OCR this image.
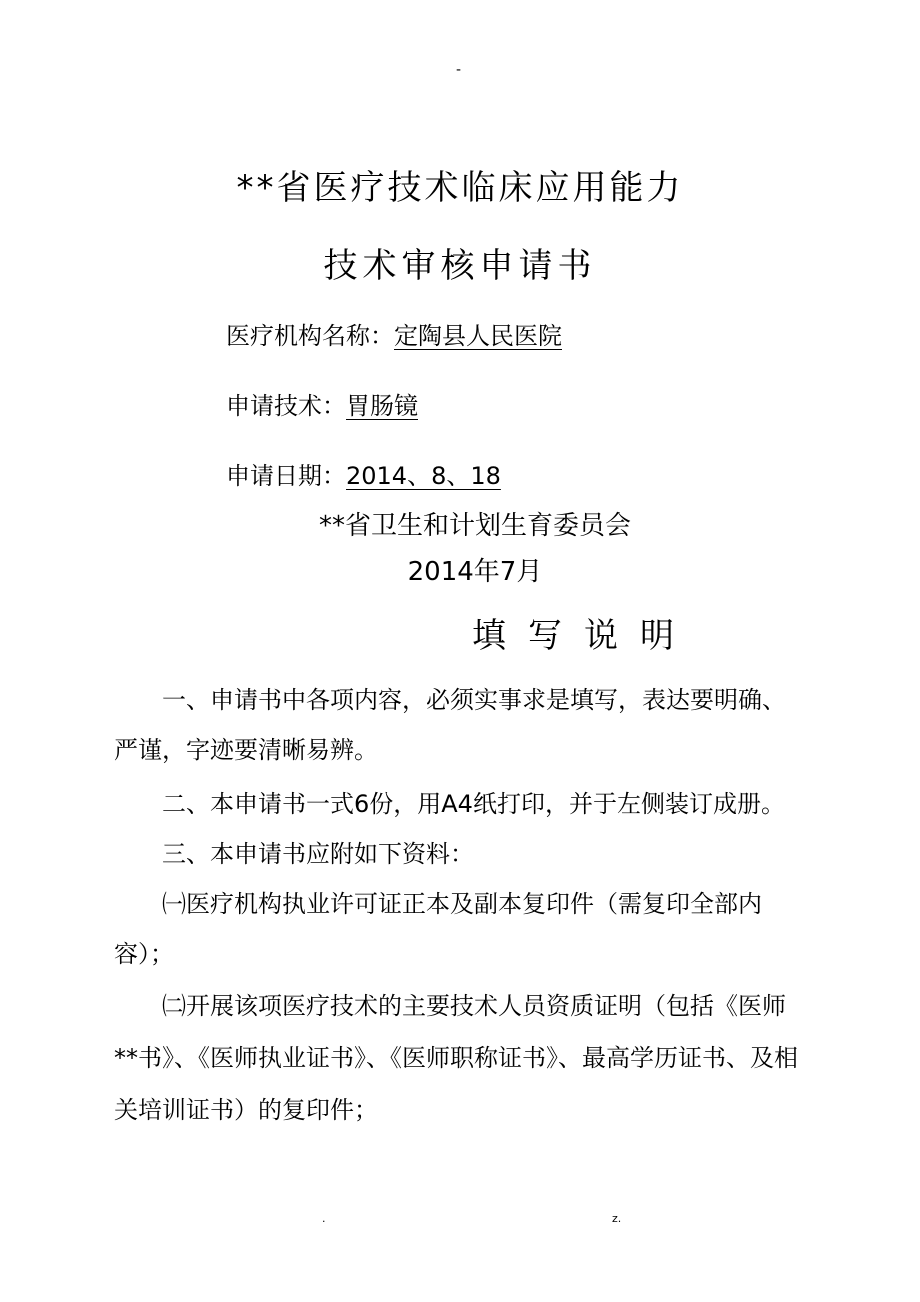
-
**省医疗技术临床应用能力
技术审核申请书
医疗机构名称：定陶县人民医院
申请技术：胃肠镜
申请日期：2014、8、18
**省卫生和计划生育委员会
2014年7月
填写说明
一、申请书中各项内容，必须实事求是填写，表达要明确、
严谨，字迹要清晰易辨。
二、本申请书一式6份，用A4纸打印，并于左侧装订成册。
三、本申请书应附如下资料：
㈠医疗机构执业许可证正本及副本复印件（需复印全部内
容）；
㈡开展该项医疗技术的主要技术人员资质证明（包括《医师
**书》、《医师执业证书》、《医师职称证书》、最高学历证书、及相
关培训证书）的复印件；
.	z.
